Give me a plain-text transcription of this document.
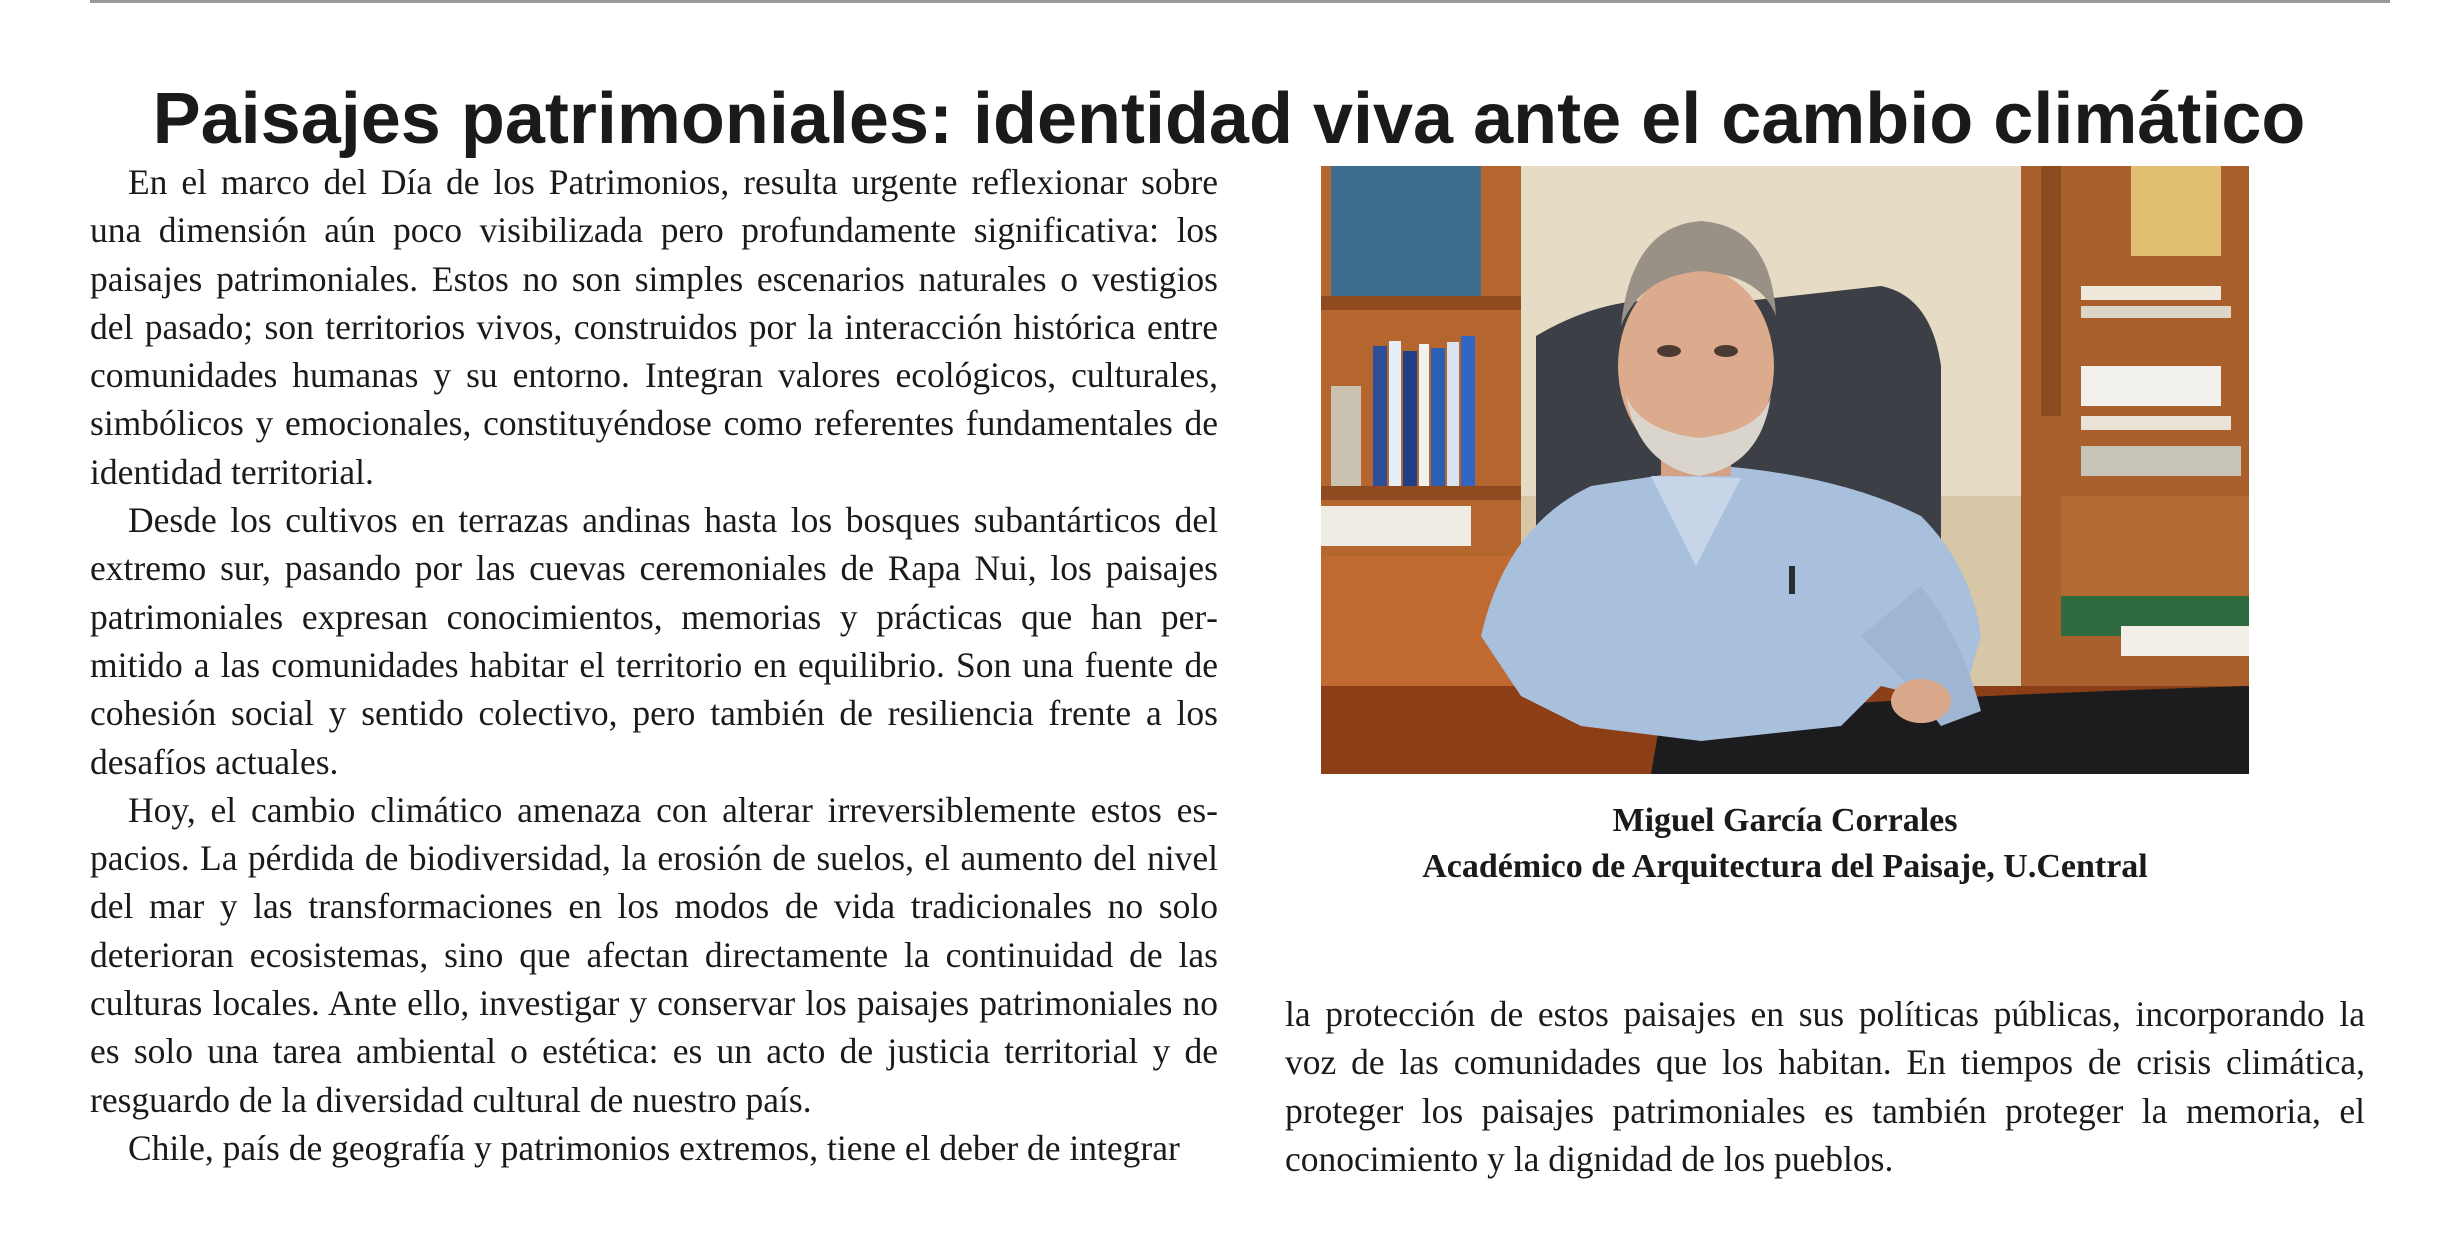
Paisajes patrimoniales: identidad viva ante el cambio climático

En el marco del Día de los Patrimonios, resulta urgente reflexionar sobre una dimensión aún poco visibilizada pero profundamente significativa: los paisajes patrimoniales. Estos no son simples escenarios naturales o vestigios del pasado; son territorios vivos, construidos por la interacción histórica entre comunidades humanas y su entorno. Integran valores ecológicos, culturales, simbólicos y emocionales, constituyéndose como referentes fundamentales de identidad territorial.

Desde los cultivos en terrazas andinas hasta los bosques subantárticos del extremo sur, pasando por las cuevas ceremoniales de Rapa Nui, los paisajes patrimoniales expresan conocimientos, memorias y prácticas que han permitido a las comunidades habitar el territorio en equilibrio. Son una fuente de cohesión social y sentido colectivo, pero también de resiliencia frente a los desafíos actuales.

Hoy, el cambio climático amenaza con alterar irreversiblemente estos espacios. La pérdida de biodiversidad, la erosión de suelos, el aumento del nivel del mar y las transformaciones en los modos de vida tradicionales no solo deterioran ecosistemas, sino que afectan directamente la continuidad de las culturas locales. Ante ello, investigar y conservar los paisajes patrimoniales no es solo una tarea ambiental o estética: es un acto de justicia territorial y de resguardo de la diversidad cultural de nuestro país.

Chile, país de geografía y patrimonios extremos, tiene el deber de integrar

Miguel García Corrales
Académico de Arquitectura del Paisaje, U.Central

la protección de estos paisajes en sus políticas públicas, incorporando la voz de las comunidades que los habitan. En tiempos de crisis climática, proteger los paisajes patrimoniales es también proteger la memoria, el conocimiento y la dignidad de los pueblos.
